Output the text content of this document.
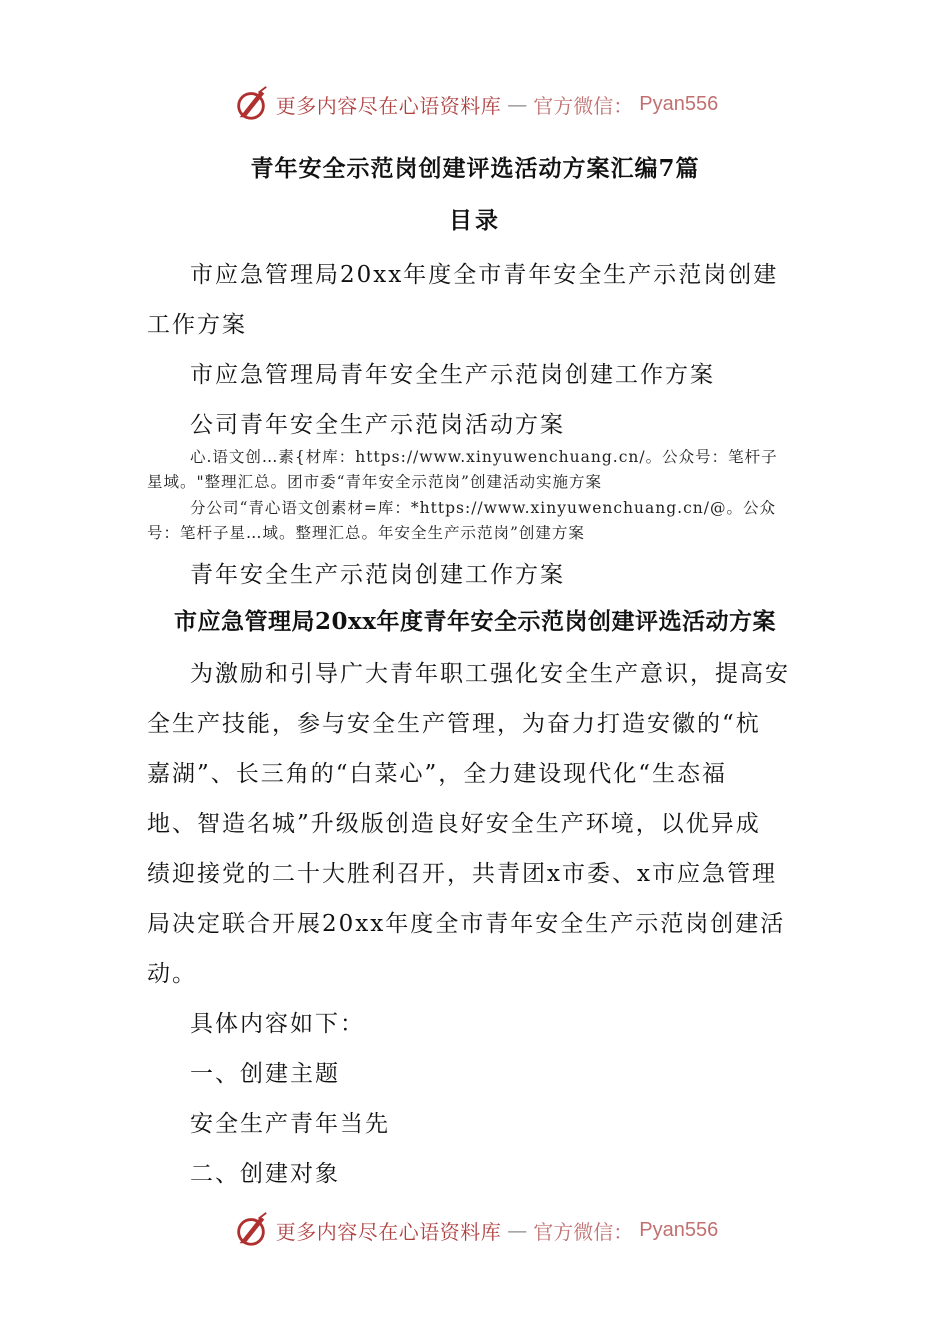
更多内容尽在心语资料库 — 官方微信： Pyan556
青年安全示范岗创建评选活动方案汇编7篇
目录
市应急管理局20xx年度全市青年安全生产示范岗创建
工作方案
市应急管理局青年安全生产示范岗创建工作方案
公司青年安全生产示范岗活动方案
心.语文创…素{材库：https://www.xinyuwenchuang.cn/。公众号：笔杆子
星域。"整理汇总。团市委“青年安全示范岗”创建活动实施方案
分公司“青心语文创素材=库：*https://www.xinyuwenchuang.cn/@。公众
号：笔杆子星…域。整理汇总。年安全生产示范岗”创建方案
青年安全生产示范岗创建工作方案
市应急管理局20xx年度青年安全示范岗创建评选活动方案
为激励和引导广大青年职工强化安全生产意识，提高安
全生产技能，参与安全生产管理，为奋力打造安徽的“杭
嘉湖”、长三角的“白菜心”，全力建设现代化“生态福
地、智造名城”升级版创造良好安全生产环境，以优异成
绩迎接党的二十大胜利召开，共青团x市委、x市应急管理
局决定联合开展20xx年度全市青年安全生产示范岗创建活
动。
具体内容如下：
一、创建主题
安全生产青年当先
二、创建对象
更多内容尽在心语资料库 — 官方微信： Pyan556
